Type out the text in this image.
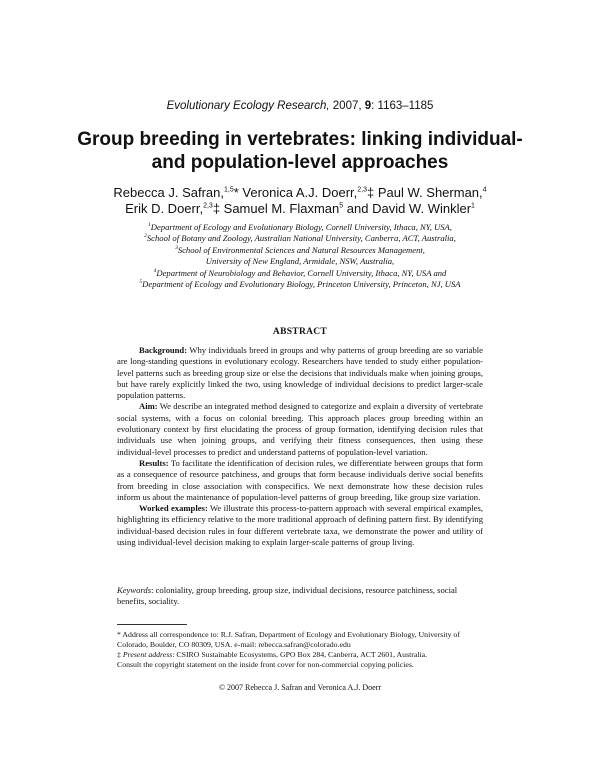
Evolutionary Ecology Research, 2007, 9: 1163–1185
Group breeding in vertebrates: linking individual-
and population-level approaches
Rebecca J. Safran,$^{1,5}$* Veronica A.J. Doerr,$^{2,3}$‡ Paul W. Sherman,$^4$
Erik D. Doerr,$^{2,3}$‡ Samuel M. Flaxman$^5$ and David W. Winkler$^1$
$^1$Department of Ecology and Evolutionary Biology, Cornell University, Ithaca, NY, USA,
$^2$School of Botany and Zoology, Australian National University, Canberra, ACT, Australia,
$^3$School of Environmental Sciences and Natural Resources Management,
University of New England, Armidale, NSW, Australia,
$^4$Department of Neurobiology and Behavior, Cornell University, Ithaca, NY, USA and
$^5$Department of Ecology and Evolutionary Biology, Princeton University, Princeton, NJ, USA
ABSTRACT

Background: Why individuals breed in groups and why patterns of group breeding are so variable are long-standing questions in evolutionary ecology. Researchers have tended to study either population-level patterns such as breeding group size or else the decisions that individuals make when joining groups, but have rarely explicitly linked the two, using knowledge of individual decisions to predict larger-scale population patterns.

Aim: We describe an integrated method designed to categorize and explain a diversity of vertebrate social systems, with a focus on colonial breeding. This approach places group breeding within an evolutionary context by first elucidating the process of group formation, identifying decision rules that individuals use when joining groups, and verifying their fitness consequences, then using these individual-level processes to predict and understand patterns of population-level variation.

Results: To facilitate the identification of decision rules, we differentiate between groups that form as a consequence of resource patchiness, and groups that form because individuals derive social benefits from breeding in close association with conspecifics. We next demonstrate how these decision rules inform us about the maintenance of population-level patterns of group breeding, like group size variation.

Worked examples: We illustrate this process-to-pattern approach with several empirical examples, highlighting its efficiency relative to the more traditional approach of defining pattern first. By identifying individual-based decision rules in four different vertebrate taxa, we demonstrate the power and utility of using individual-level decision making to explain larger-scale patterns of group living.

Keywords: coloniality, group breeding, group size, individual decisions, resource patchiness, social benefits, sociality.

* Address all correspondence to: R.J. Safran, Department of Ecology and Evolutionary Biology, University of Colorado, Boulder, CO 80309, USA. e-mail: rebecca.safran@colorado.edu

‡ Present address: CSIRO Sustainable Ecosystems, GPO Box 284, Canberra, ACT 2601, Australia.

Consult the copyright statement on the inside front cover for non-commercial copying policies.

© 2007 Rebecca J. Safran and Veronica A.J. Doerr
